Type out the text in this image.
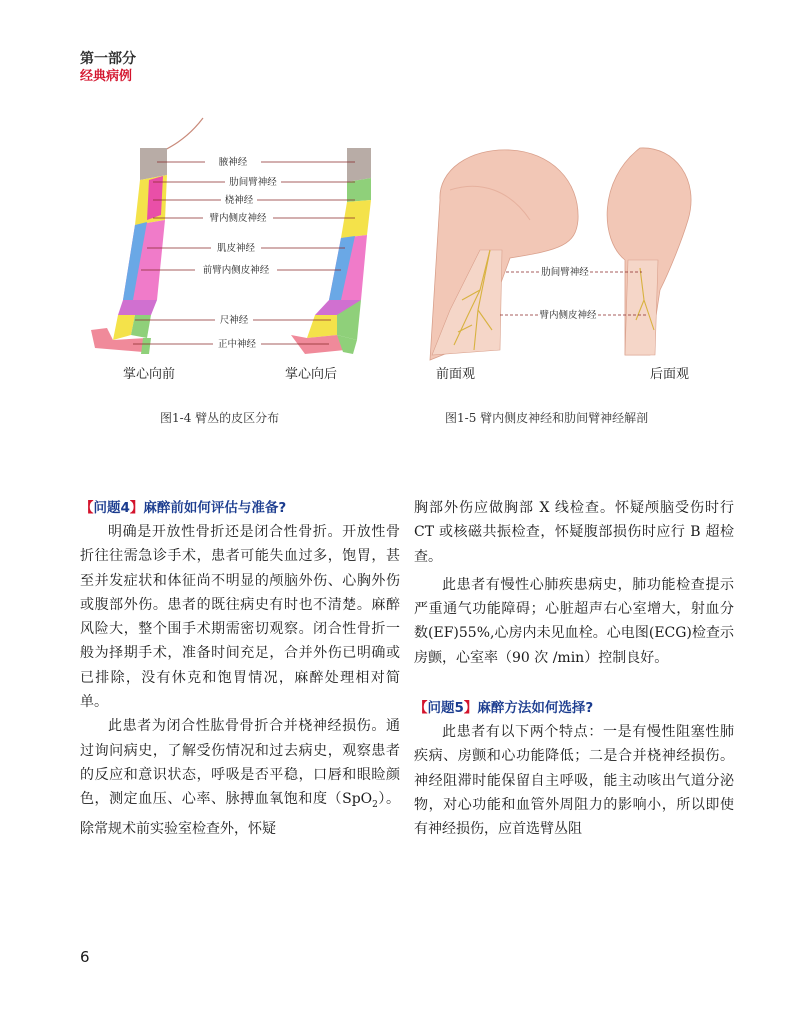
第一部分
经典病例
腋神经
肋间臂神经
桡神经
臂内侧皮神经
肌皮神经
前臂内侧皮神经
尺神经
正中神经
掌心向前	掌心向后
图1-4 臂丛的皮区分布
肋间臂神经
臂内侧皮神经
前面观	后面观
图1-5 臂内侧皮神经和肋间臂神经解剖

【问题4】麻醉前如何评估与准备?

明确是开放性骨折还是闭合性骨折。开放性骨折往往需急诊手术，患者可能失血过多，饱胃，甚至并发症状和体征尚不明显的颅脑外伤、心胸外伤或腹部外伤。患者的既往病史有时也不清楚。麻醉风险大，整个围手术期需密切观察。闭合性骨折一般为择期手术，准备时间充足，合并外伤已明确或已排除，没有休克和饱胃情况，麻醉处理相对简单。

此患者为闭合性肱骨骨折合并桡神经损伤。通过询问病史，了解受伤情况和过去病史，观察患者的反应和意识状态，呼吸是否平稳，口唇和眼睑颜色，测定血压、心率、脉搏血氧饱和度（SpO$_2$）。除常规术前实验室检查外，怀疑

胸部外伤应做胸部 X 线检查。怀疑颅脑受伤时行 CT 或核磁共振检查，怀疑腹部损伤时应行 B 超检查。

此患者有慢性心肺疾患病史，肺功能检查提示严重通气功能障碍；心脏超声右心室增大，射血分数(EF)55%,心房内未见血栓。心电图(ECG)检查示房颤，心室率（90 次 /min）控制良好。

【问题5】麻醉方法如何选择?

此患者有以下两个特点：一是有慢性阻塞性肺疾病、房颤和心功能降低；二是合并桡神经损伤。神经阻滞时能保留自主呼吸，能主动咳出气道分泌物，对心功能和血管外周阻力的影响小，所以即使有神经损伤，应首选臂丛阻

6
